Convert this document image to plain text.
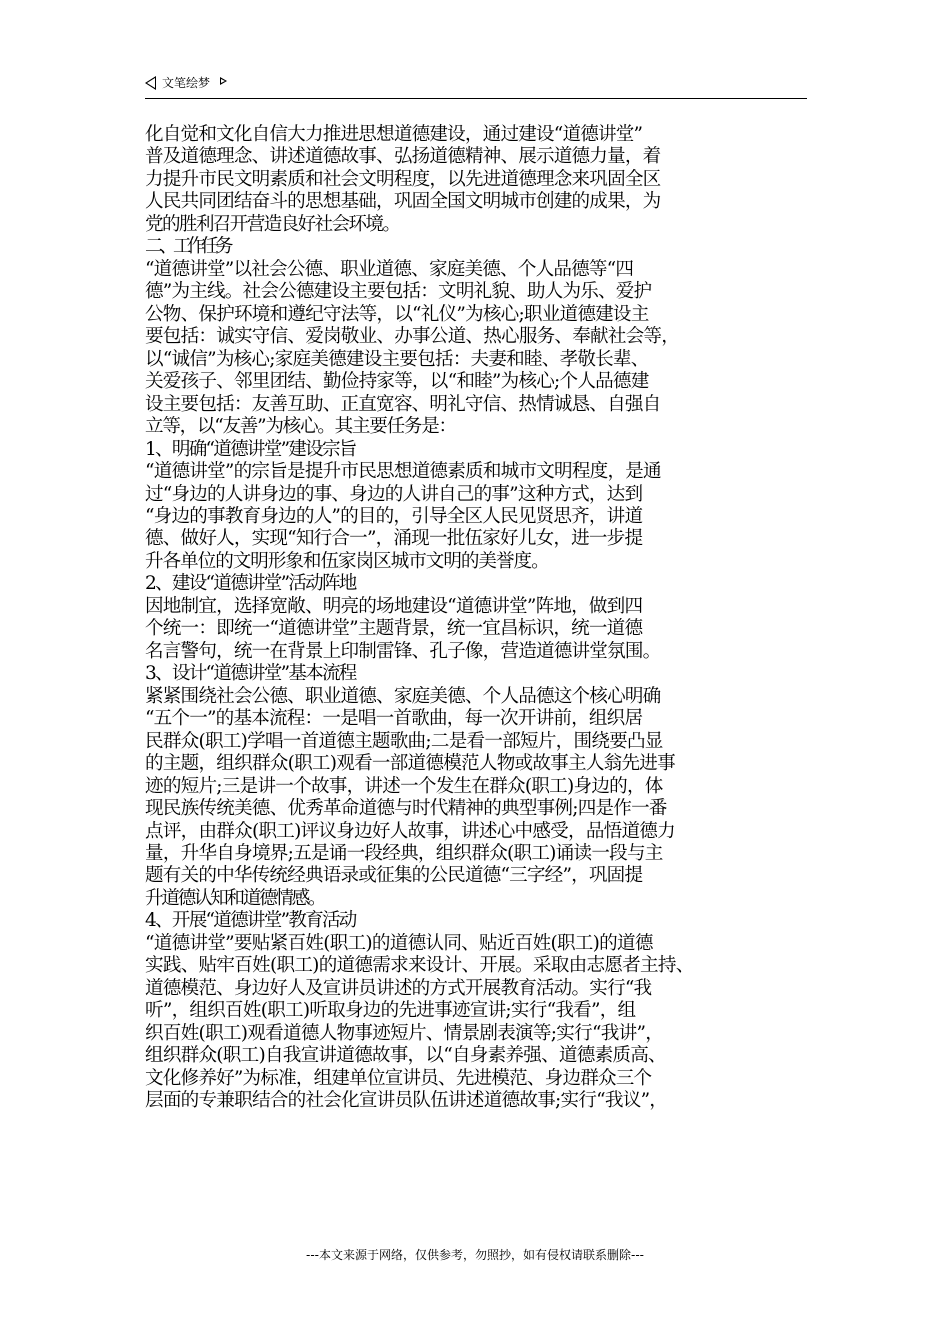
文笔绘梦
化自觉和文化自信大力推进思想道德建设，通过建设“道德讲堂”
普及道德理念、讲述道德故事、弘扬道德精神、展示道德力量，着
力提升市民文明素质和社会文明程度，以先进道德理念来巩固全区
人民共同团结奋斗的思想基础，巩固全国文明城市创建的成果，为
党的胜利召开营造良好社会环境。
二、工作任务
“道德讲堂”以社会公德、职业道德、家庭美德、个人品德等“四
德”为主线。社会公德建设主要包括：文明礼貌、助人为乐、爱护
公物、保护环境和遵纪守法等，以“礼仪”为核心;职业道德建设主
要包括：诚实守信、爱岗敬业、办事公道、热心服务、奉献社会等，
以“诚信”为核心;家庭美德建设主要包括：夫妻和睦、孝敬长辈、
关爱孩子、邻里团结、勤俭持家等，以“和睦”为核心;个人品德建
设主要包括：友善互助、正直宽容、明礼守信、热情诚恳、自强自
立等，以“友善”为核心。其主要任务是：
1、明确“道德讲堂”建设宗旨
“道德讲堂”的宗旨是提升市民思想道德素质和城市文明程度，是通
过“身边的人讲身边的事、身边的人讲自己的事”这种方式，达到
“身边的事教育身边的人”的目的，引导全区人民见贤思齐，讲道
德、做好人，实现“知行合一”，涌现一批伍家好儿女，进一步提
升各单位的文明形象和伍家岗区城市文明的美誉度。
2、建设“道德讲堂”活动阵地
因地制宜，选择宽敞、明亮的场地建设“道德讲堂”阵地，做到四
个统一：即统一“道德讲堂”主题背景，统一宜昌标识，统一道德
名言警句，统一在背景上印制雷锋、孔子像，营造道德讲堂氛围。
3、设计“道德讲堂”基本流程
紧紧围绕社会公德、职业道德、家庭美德、个人品德这个核心明确
“五个一”的基本流程：一是唱一首歌曲，每一次开讲前，组织居
民群众(职工)学唱一首道德主题歌曲;二是看一部短片，围绕要凸显
的主题，组织群众(职工)观看一部道德模范人物或故事主人翁先进事
迹的短片;三是讲一个故事，讲述一个发生在群众(职工)身边的，体
现民族传统美德、优秀革命道德与时代精神的典型事例;四是作一番
点评，由群众(职工)评议身边好人故事，讲述心中感受，品悟道德力
量，升华自身境界;五是诵一段经典，组织群众(职工)诵读一段与主
题有关的中华传统经典语录或征集的公民道德“三字经”，巩固提
升道德认知和道德情感。
4、开展“道德讲堂”教育活动
“道德讲堂”要贴紧百姓(职工)的道德认同、贴近百姓(职工)的道德
实践、贴牢百姓(职工)的道德需求来设计、开展。采取由志愿者主持、
道德模范、身边好人及宣讲员讲述的方式开展教育活动。实行“我
听”，组织百姓(职工)听取身边的先进事迹宣讲;实行“我看”，组
织百姓(职工)观看道德人物事迹短片、情景剧表演等;实行“我讲”，
组织群众(职工)自我宣讲道德故事，以“自身素养强、道德素质高、
文化修养好”为标准，组建单位宣讲员、先进模范、身边群众三个
层面的专兼职结合的社会化宣讲员队伍讲述道德故事;实行“我议”，
---本文来源于网络，仅供参考，勿照抄，如有侵权请联系删除---
